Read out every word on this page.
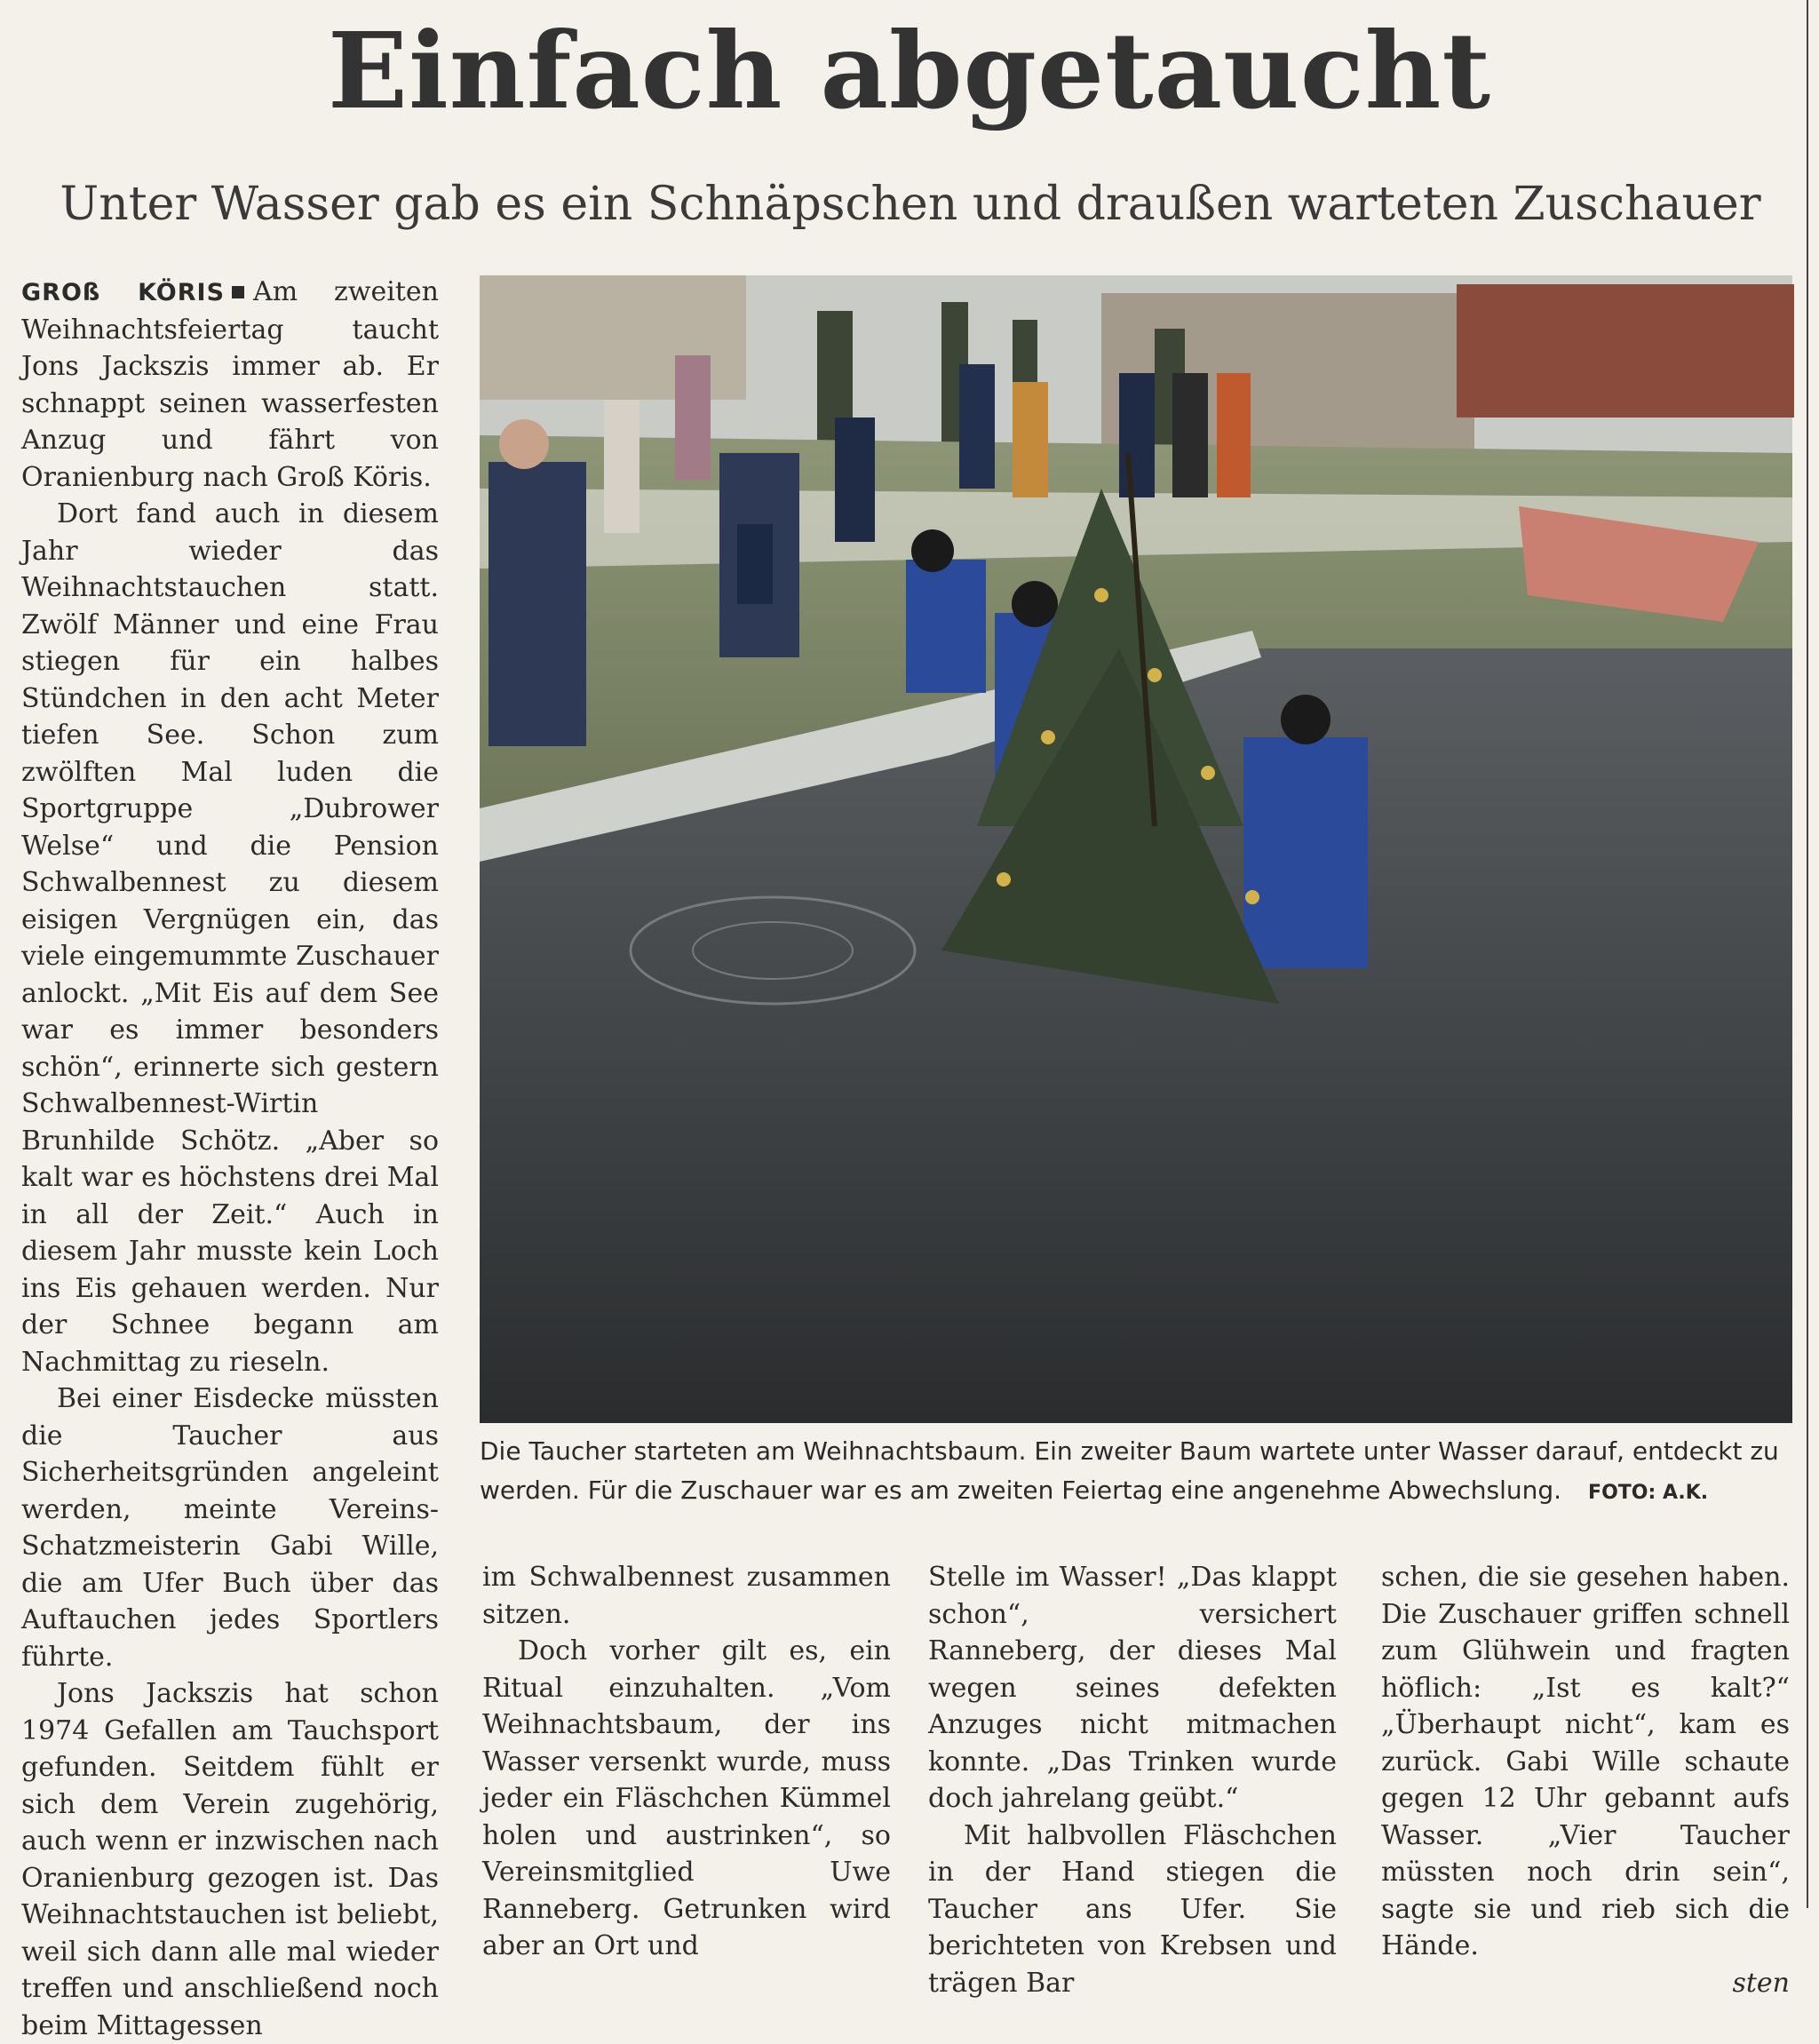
Einfach abgetaucht
Unter Wasser gab es ein Schnäpschen und draußen warteten Zuschauer

GROß KÖRIS Am zweiten Weihnachtsfeiertag taucht Jons Jackszis immer ab. Er schnappt seinen wasserfesten Anzug und fährt von Oranienburg nach Groß Köris.

Dort fand auch in diesem Jahr wieder das Weihnachtstauchen statt. Zwölf Männer und eine Frau stiegen für ein halbes Stündchen in den acht Meter tiefen See. Schon zum zwölften Mal luden die Sportgruppe „Dubrower Welse“ und die Pension Schwalbennest zu diesem eisigen Vergnügen ein, das viele eingemummte Zuschauer anlockt. „Mit Eis auf dem See war es immer besonders schön“, erinnerte sich gestern Schwalbennest-Wirtin Brunhilde Schötz. „Aber so kalt war es höchstens drei Mal in all der Zeit.“ Auch in diesem Jahr musste kein Loch ins Eis gehauen werden. Nur der Schnee begann am Nachmittag zu rieseln.

Bei einer Eisdecke müssten die Taucher aus Sicherheitsgründen angeleint werden, meinte Vereins- Schatzmeisterin Gabi Wille, die am Ufer Buch über das Auftauchen jedes Sportlers führte.

Jons Jackszis hat schon 1974 Gefallen am Tauchsport gefunden. Seitdem fühlt er sich dem Verein zugehörig, auch wenn er inzwischen nach Oranienburg gezogen ist. Das Weihnachtstauchen ist beliebt, weil sich dann alle mal wieder treffen und anschließend noch beim Mittagessen

Die Taucher starteten am Weihnachtsbaum. Ein zweiter Baum wartete unter Wasser darauf, entdeckt zu werden. Für die Zuschauer war es am zweiten Feiertag eine angenehme Abwechslung. FOTO: A.K.

im Schwalbennest zusammen sitzen.

Doch vorher gilt es, ein Ritual einzuhalten. „Vom Weihnachtsbaum, der ins Wasser versenkt wurde, muss jeder ein Fläschchen Kümmel holen und austrinken“, so Vereinsmitglied Uwe Ranneberg. Getrunken wird aber an Ort und

Stelle im Wasser! „Das klappt schon“, versichert Ranneberg, der dieses Mal wegen seines defekten Anzuges nicht mitmachen konnte. „Das Trinken wurde doch jahrelang geübt.“

Mit halbvollen Fläschchen in der Hand stiegen die Taucher ans Ufer. Sie berichteten von Krebsen und trägen Bar

schen, die sie gesehen haben. Die Zuschauer griffen schnell zum Glühwein und fragten höflich: „Ist es kalt?“ „Überhaupt nicht“, kam es zurück. Gabi Wille schaute gegen 12 Uhr gebannt aufs Wasser. „Vier Taucher müssten noch drin sein“, sagte sie und rieb sich die Hände.

sten
